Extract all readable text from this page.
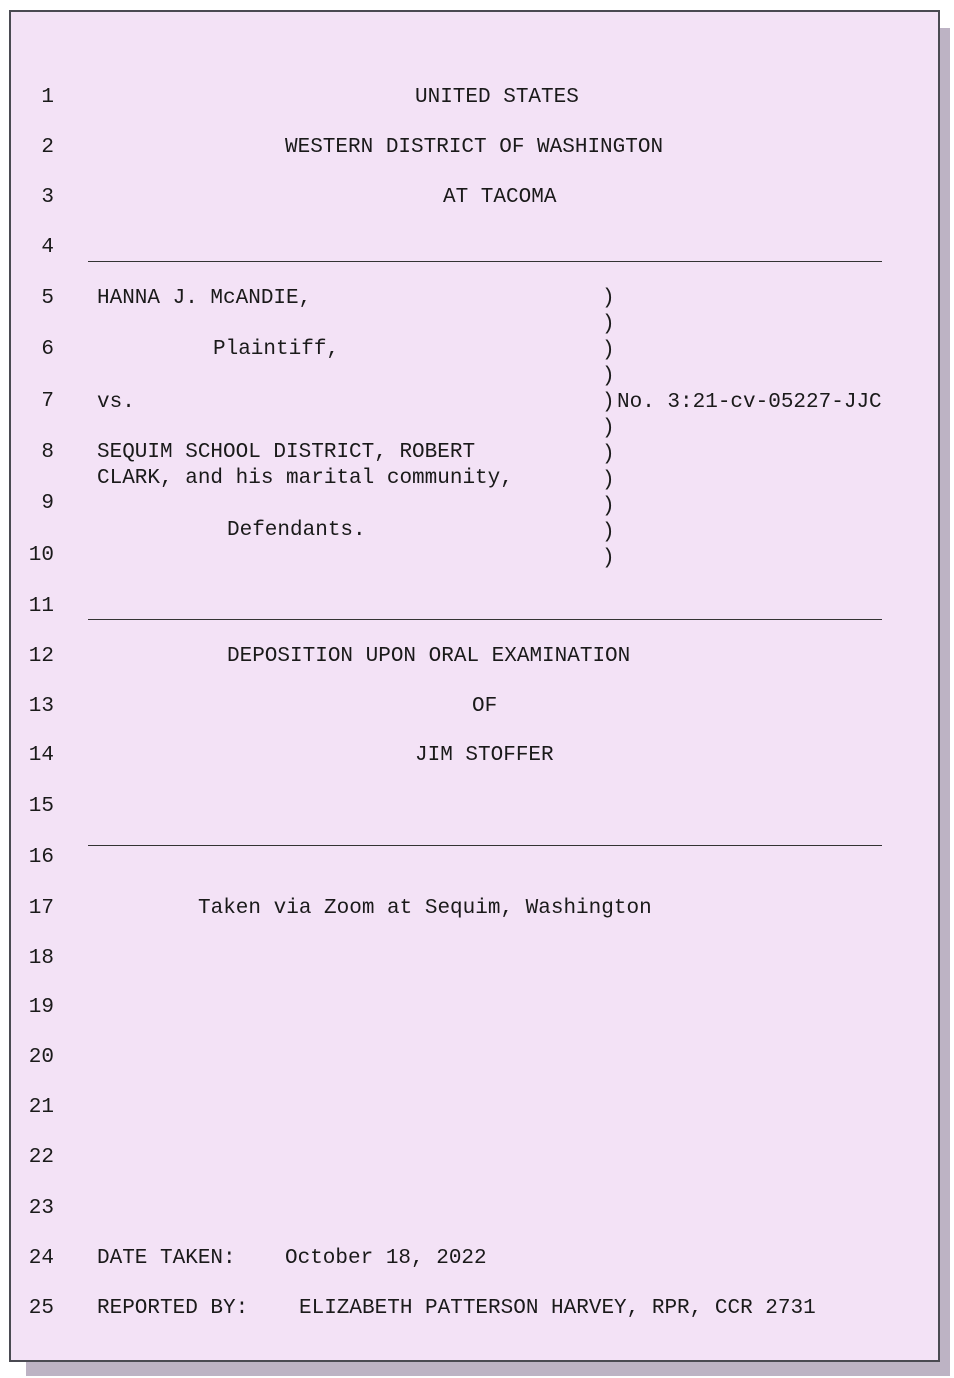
1
2
3
4
5
6
7
8
9
10
11
12
13
14
15
16
17
18
19
20
21
22
23
24
25
UNITED STATES
WESTERN DISTRICT OF WASHINGTON
AT TACOMA
HANNA J. McANDIE,
Plaintiff,
vs.
SEQUIM SCHOOL DISTRICT, ROBERT
CLARK, and his marital community,
Defendants.
)
)
)
)
)
)
)
)
)
)
)
No. 3:21-cv-05227-JJC
DEPOSITION UPON ORAL EXAMINATION
OF
JIM STOFFER
Taken via Zoom at Sequim, Washington
DATE TAKEN: October 18, 2022
REPORTED BY: ELIZABETH PATTERSON HARVEY, RPR, CCR 2731
